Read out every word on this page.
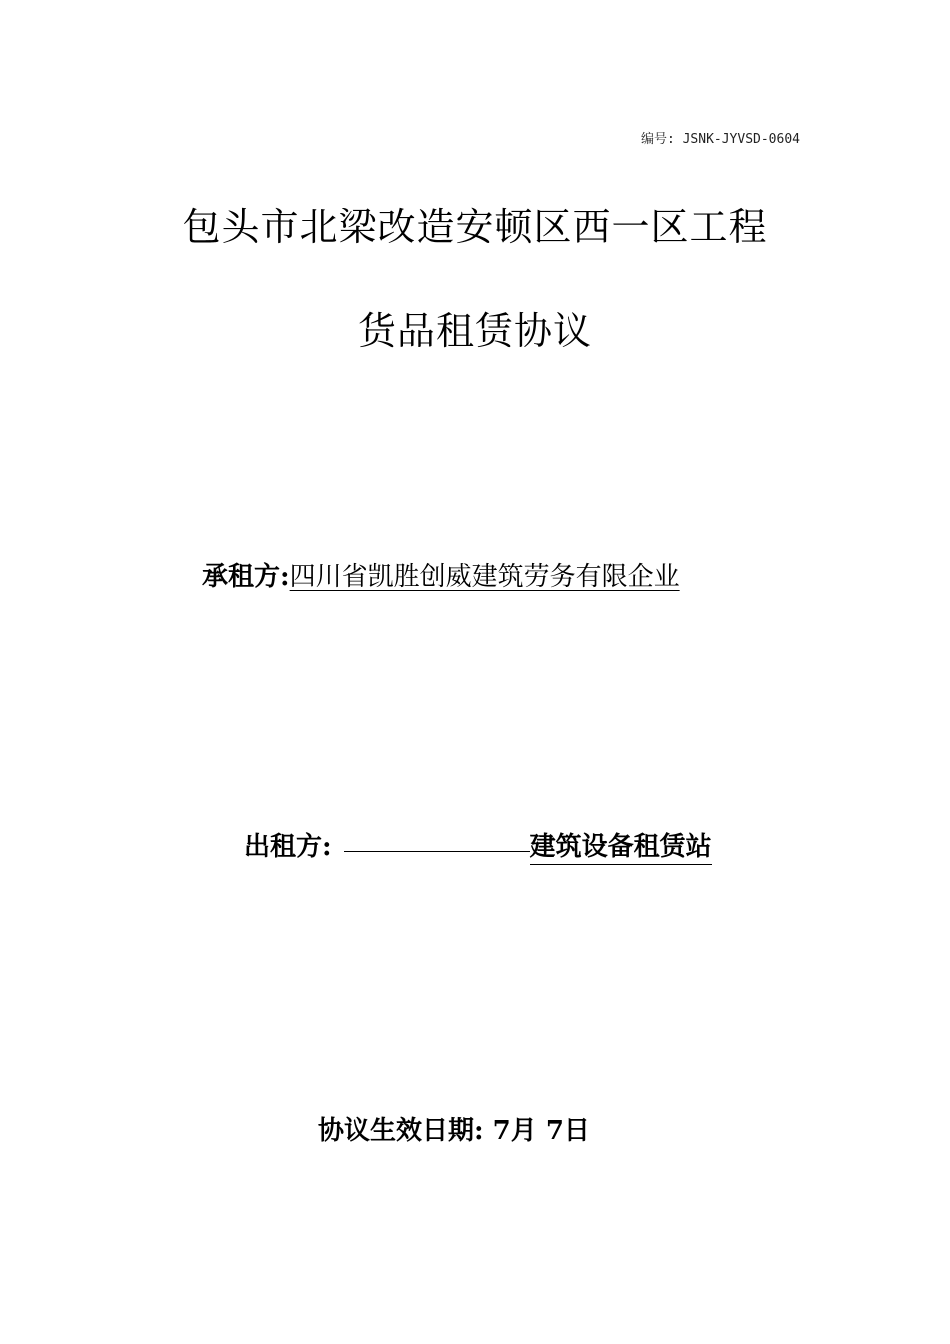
编号: JSNK-JYVSD-0604
包头市北梁改造安顿区西一区工程
货品租赁协议
承租方:四川省凯胜创威建筑劳务有限企业
出租方:	建筑设备租赁站
协议生效日期: 7月 7日
